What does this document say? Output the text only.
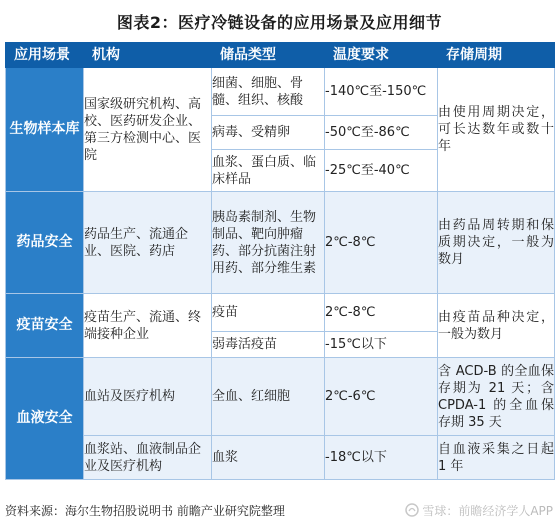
图表2：医疗冷链设备的应用场景及应用细节
应用场景	机构	储品类型	温度要求	存储周期
生物样本库	国家级研究机构、高校、医药研发企业、第三方检测中心、医院	细菌、细胞、骨髓、组织、核酸	-140℃至-150℃	由使用周期决定，可长达数年或数十年
		病毒、受精卵	-50℃至-86℃	
		血浆、蛋白质、临床样品	-25℃至-40℃	
药品安全	药品生产、流通企业、医院、药店	胰岛素制剂、生物制品、靶向肿瘤药、部分抗菌注射用药、部分维生素	2℃-8℃	由药品周转期和保质期决定，一般为数月
疫苗安全	疫苗生产、流通、终端接种企业	疫苗	2℃-8℃	由疫苗品种决定，一般为数月
		弱毒活疫苗	-15℃以下	
血液安全	血站及医疗机构	全血、红细胞	2℃-6℃	含 ACD-B 的全血保存期为 21 天；含 CPDA-1 的全血保存期 35 天
	血浆站、血液制品企业及医疗机构	血浆	-18℃以下	自血液采集之日起 1 年
资料来源：海尔生物招股说明书 前瞻产业研究院整理	雪球：前瞻经济学人APP
